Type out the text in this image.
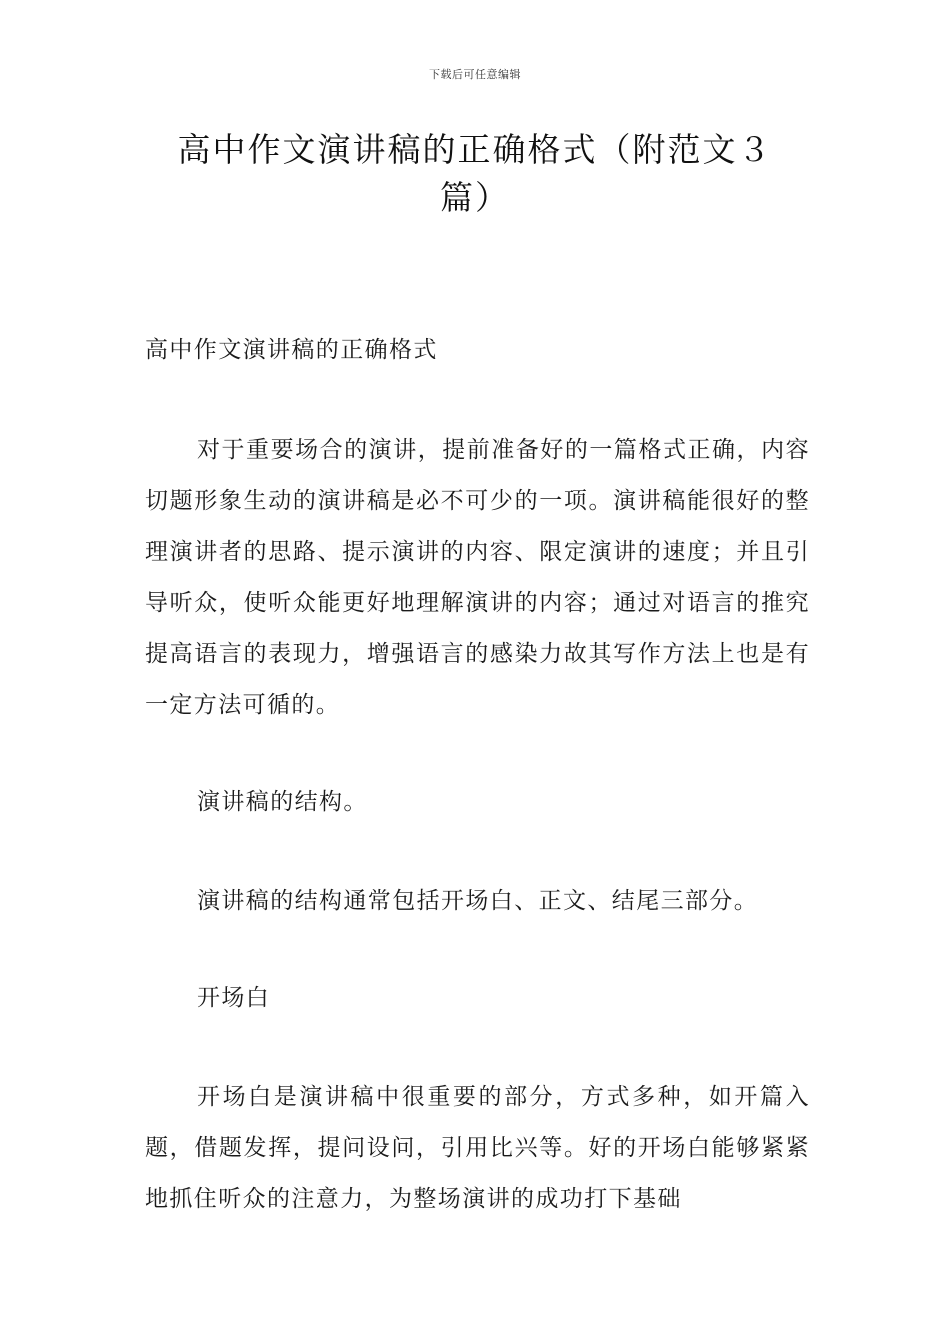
下载后可任意编辑
高中作文演讲稿的正确格式（附范文３
篇）

高中作文演讲稿的正确格式

对于重要场合的演讲，提前准备好的一篇格式正确，内容切题形象生动的演讲稿是必不可少的一项。演讲稿能很好的整理演讲者的思路、提示演讲的内容、限定演讲的速度；并且引导听众，使听众能更好地理解演讲的内容；通过对语言的推究提高语言的表现力，增强语言的感染力故其写作方法上也是有一定方法可循的。

演讲稿的结构。

演讲稿的结构通常包括开场白、正文、结尾三部分。

开场白

开场白是演讲稿中很重要的部分，方式多种，如开篇入题，借题发挥，提问设问，引用比兴等。好的开场白能够紧紧地抓住听众的注意力，为整场演讲的成功打下基础
